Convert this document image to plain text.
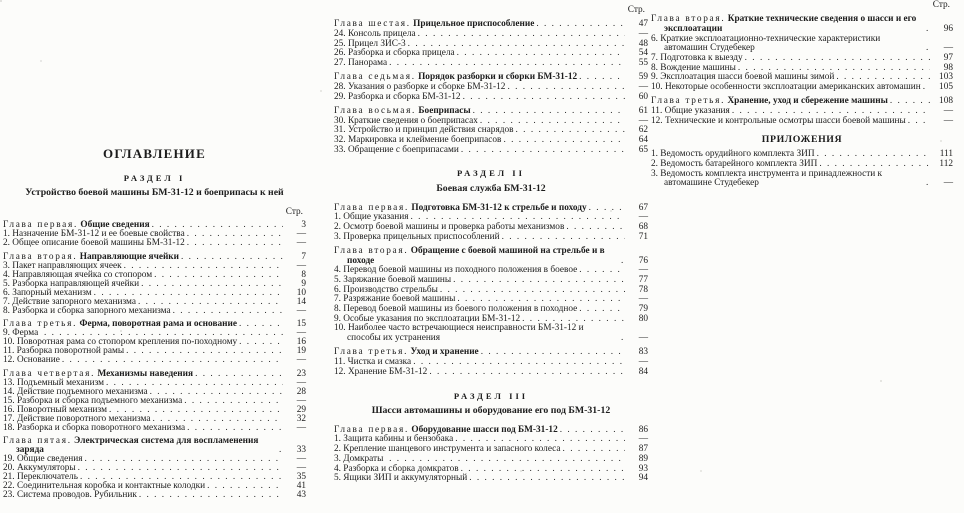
ОГЛАВЛЕНИЕ
РАЗДЕЛ I
Устройство боевой машины БМ-31-12 и боеприпасы к ней
Стр.
Глава первая. Общие сведения . . .	3
1. Назначение БМ-31-12 и ее боевые свойства . . .	—
2. Общее описание боевой машины БМ-31-12 . . .	—
Глава вторая. Направляющие ячейки . . .	7
3. Пакет направляющих ячеек . . .	—
4. Направляющая ячейка со стопором . . .	8
5. Разборка направляющей ячейки . . .	9
6. Запорный механизм . . .	10
7. Действие запорного механизма . . .	14
8. Разборка и сборка запорного механизма . . .	—
Глава третья. Ферма, поворотная рама и основание . . .	15
9. Ферма . . .	—
10. Поворотная рама со стопором крепления по-походному . . .	16
11. Разборка поворотной рамы . . .	19
12. Основание . . .	—
Глава четвертая. Механизмы наведения . . .	23
13. Подъемный механизм . . .	—
14. Действие подъемного механизма . . .	28
15. Разборка и сборка подъемного механизма . . .	—
16. Поворотный механизм . . .	29
17. Действие поворотного механизма . . .	32
18. Разборка и сборка поворотного механизма . . .	—
Глава пятая. Электрическая система для воспламенения заряда . . .	33
19. Общие сведения . . .	—
20. Аккумуляторы . . .	—
21. Переключатель . . .	35
22. Соединительная коробка и контактные колодки . . .	41
23. Система проводов. Рубильник . . .	43
Стр.
Глава шестая. Прицельное приспособление . . .	47
24. Консоль прицела . . .	—
25. Прицел ЗИС-3 . . .	48
26. Разборка и сборка прицела . . .	54
27. Панорама . . .	55
Глава седьмая. Порядок разборки и сборки БМ-31-12 . . .	59
28. Указания о разборке и сборке БМ-31-12 . . .	—
29. Разборка и сборка БМ-31-12 . . .	60
Глава восьмая. Боеприпасы . . .	61
30. Краткие сведения о боеприпасах . . .	—
31. Устройство и принцип действия снарядов . . .	62
32. Маркировка и клеймение боеприпасов . . .	64
33. Обращение с боеприпасами . . .	65
РАЗДЕЛ II
Боевая служба БМ-31-12
Глава первая. Подготовка БМ-31-12 к стрельбе и походу . . .	67
1. Общие указания . . .	—
2. Осмотр боевой машины и проверка работы механизмов . . .	68
3. Проверка прицельных приспособлений . . .	71
Глава вторая. Обращение с боевой машиной на стрельбе и в походе . . .	76
4. Перевод боевой машины из походного положения в боевое . . .	—
5. Заряжание боевой машины . . .	77
6. Производство стрельбы . . .	78
7. Разряжание боевой машины . . .	—
8. Перевод боевой машины из боевого положения в походное . . .	79
9. Особые указания по эксплоатации БМ-31-12 . . .	80
10. Наиболее часто встречающиеся неисправности БМ-31-12 и способы их устранения . . .	—
Глава третья. Уход и хранение . . .	83
11. Чистка и смазка . . .	—
12. Хранение БМ-31-12 . . .	84
РАЗДЕЛ III
Шасси автомашины и оборудование его под БМ-31-12
Глава первая. Оборудование шасси под БМ-31-12 . . .	86
1. Защита кабины и бензобака . . .	—
2. Крепление шанцевого инструмента и запасного колеса . . .	87
3. Домкраты . . .	89
4. Разборка и сборка домкратов . . .	93
5. Ящики ЗИП и аккумуляторный . . .	94
Стр.
Глава вторая. Краткие технические сведения о шасси и его эксплоатации . . .	96
6. Краткие эксплоатационно-технические характеристики автомашин Студебекер . . .	—
7. Подготовка к выезду . . .	97
8. Вождение машины . . .	98
9. Эксплоатация шасси боевой машины зимой . . .	103
10. Некоторые особенности эксплоатации американских автомашин . . .	105
Глава третья. Хранение, уход и сбережение машины . . .	108
11. Общие указания . . .	—
12. Технические и контрольные осмотры шасси боевой машины . . .	—
ПРИЛОЖЕНИЯ
1. Ведомость орудийного комплекта ЗИП . . .	111
2. Ведомость батарейного комплекта ЗИП . . .	112
3. Ведомость комплекта инструмента и принадлежности к автомашине Студебекер . . .	—
